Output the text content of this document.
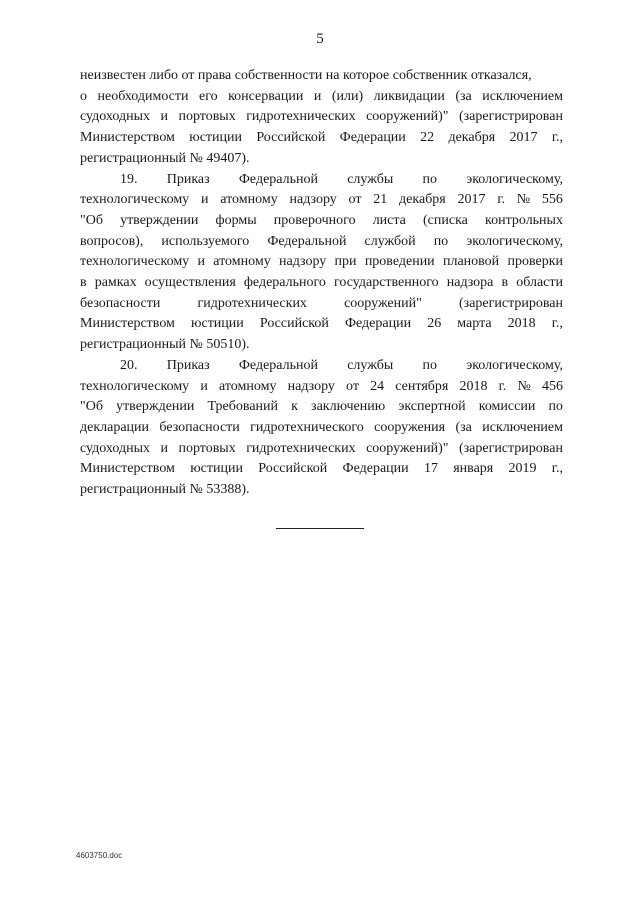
5
неизвестен либо от права собственности на которое собственник отказался,
о необходимости его консервации и (или) ликвидации (за исключением
судоходных и портовых гидротехнических сооружений)" (зарегистрирован
Министерством юстиции Российской Федерации 22 декабря 2017 г.,
регистрационный № 49407).
19. Приказ Федеральной службы по экологическому,
технологическому и атомному надзору от 21 декабря 2017 г. № 556
"Об утверждении формы проверочного листа (списка контрольных
вопросов), используемого Федеральной службой по экологическому,
технологическому и атомному надзору при проведении плановой проверки
в рамках осуществления федерального государственного надзора в области
безопасности	гидротехнических	сооружений"	(зарегистрирован
Министерством юстиции Российской Федерации 26 марта 2018 г.,
регистрационный № 50510).
20. Приказ Федеральной службы по экологическому,
технологическому и атомному надзору от 24 сентября 2018 г. № 456
"Об утверждении Требований к заключению экспертной комиссии по
декларации безопасности гидротехнического сооружения (за исключением
судоходных и портовых гидротехнических сооружений)" (зарегистрирован
Министерством юстиции Российской Федерации 17 января 2019 г.,
регистрационный № 53388).
4603750.doc
